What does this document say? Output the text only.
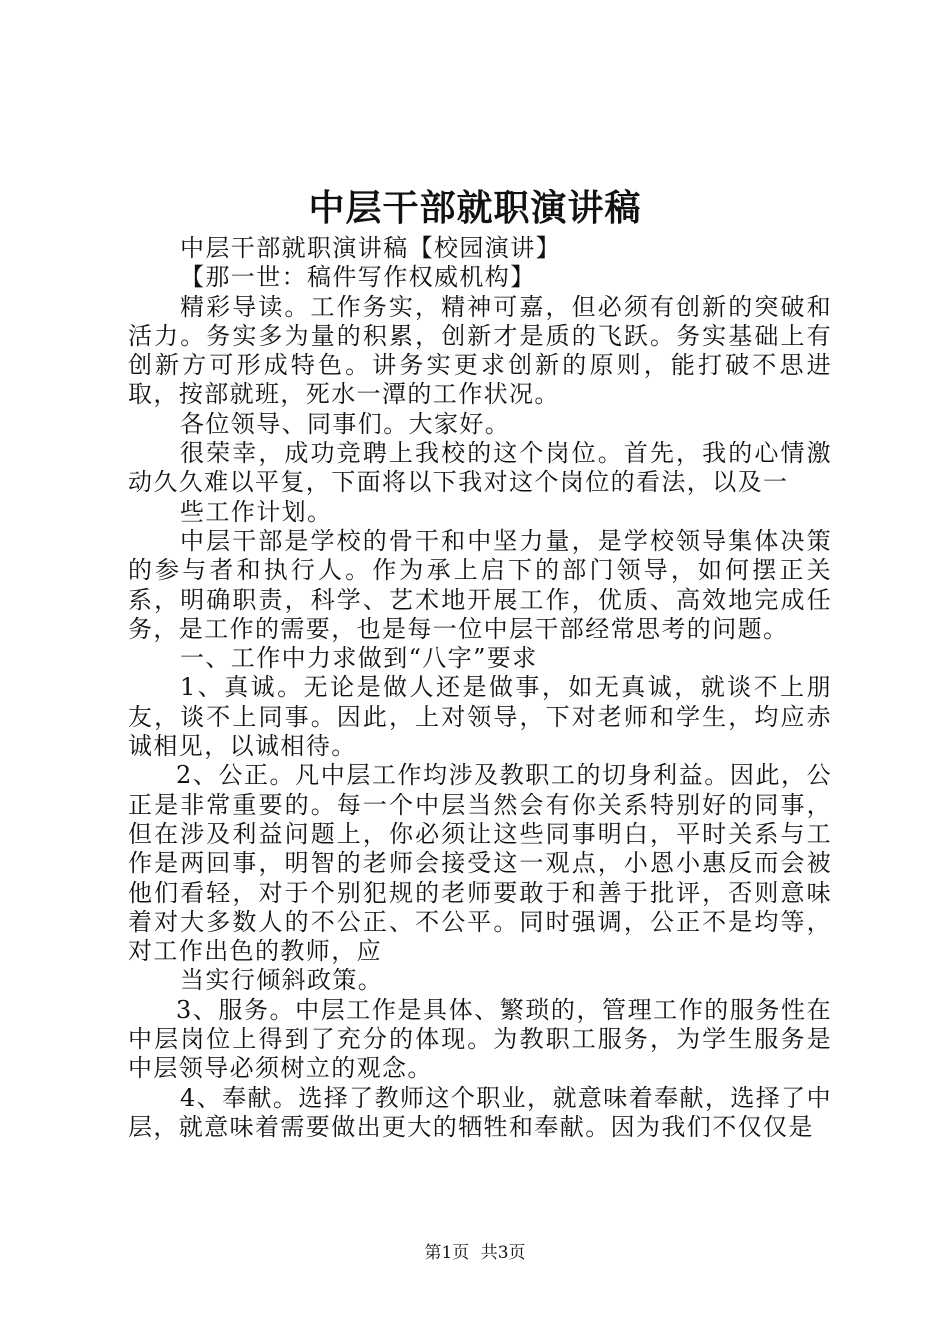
中层干部就职演讲稿

中层干部就职演讲稿【校园演讲】

【那一世：稿件写作权威机构】

精彩导读。工作务实，精神可嘉，但必须有创新的突破和活力。务实多为量的积累，创新才是质的飞跃。务实基础上有创新方可形成特色。讲务实更求创新的原则，能打破不思进取，按部就班，死水一潭的工作状况。

各位领导、同事们。大家好。

很荣幸，成功竞聘上我校的这个岗位。首先，我的心情激动久久难以平复，下面将以下我对这个岗位的看法，以及一

些工作计划。

中层干部是学校的骨干和中坚力量，是学校领导集体决策的参与者和执行人。作为承上启下的部门领导，如何摆正关系，明确职责，科学、艺术地开展工作，优质、高效地完成任务，是工作的需要，也是每一位中层干部经常思考的问题。

一、工作中力求做到“八字”要求

1、真诚。无论是做人还是做事，如无真诚，就谈不上朋友，谈不上同事。因此，上对领导，下对老师和学生，均应赤诚相见，以诚相待。

2、公正。凡中层工作均涉及教职工的切身利益。因此，公正是非常重要的。每一个中层当然会有你关系特别好的同事，但在涉及利益问题上，你必须让这些同事明白，平时关系与工作是两回事，明智的老师会接受这一观点，小恩小惠反而会被他们看轻，对于个别犯规的老师要敢于和善于批评，否则意味着对大多数人的不公正、不公平。同时强调，公正不是均等，对工作出色的教师，应

当实行倾斜政策。

3、服务。中层工作是具体、繁琐的，管理工作的服务性在中层岗位上得到了充分的体现。为教职工服务，为学生服务是中层领导必须树立的观念。

4、奉献。选择了教师这个职业，就意味着奉献，选择了中层，就意味着需要做出更大的牺牲和奉献。因为我们不仅仅是

第1页 共3页
